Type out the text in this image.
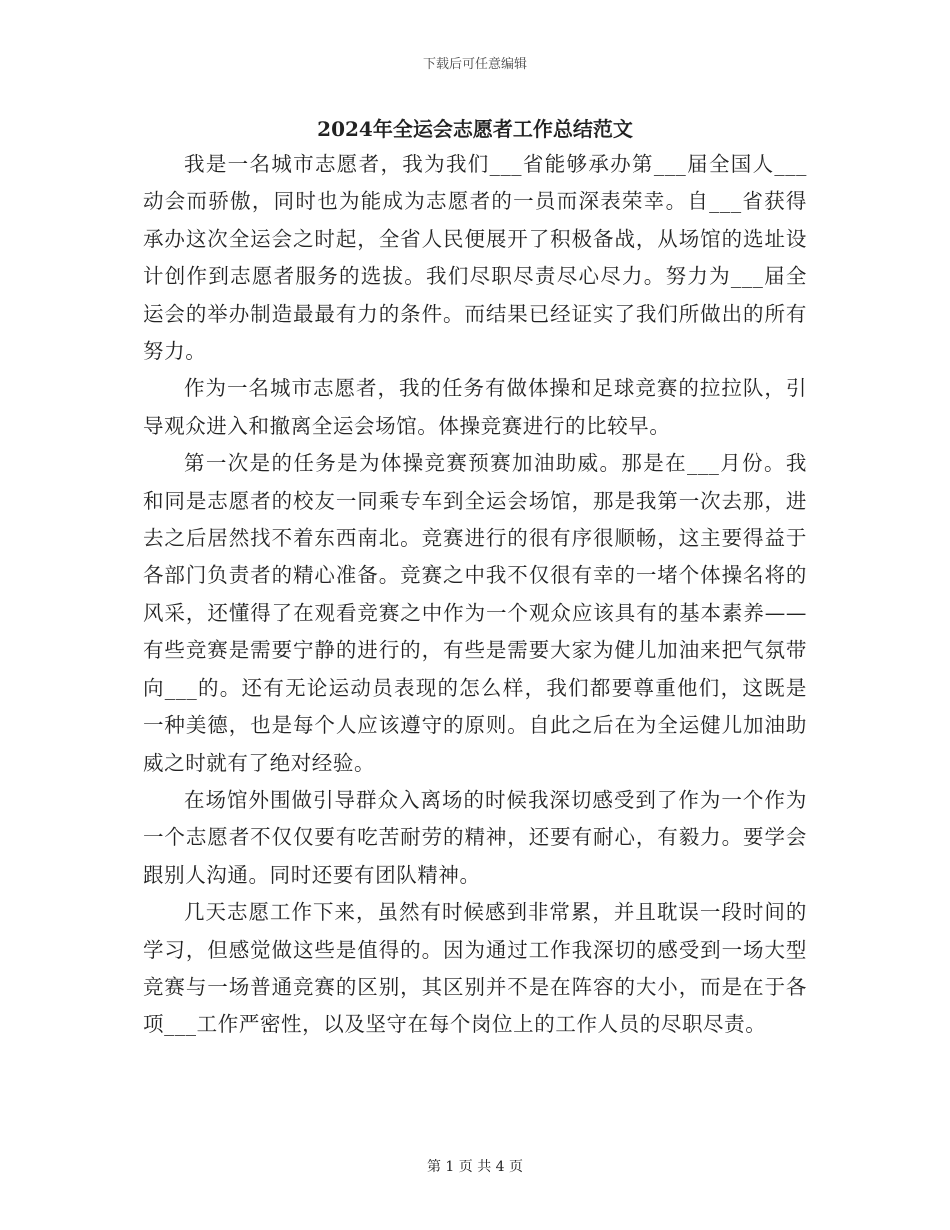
下载后可任意编辑
2024年全运会志愿者工作总结范文

我是一名城市志愿者，我为我们___省能够承办第___届全国人___动会而骄傲，同时也为能成为志愿者的一员而深表荣幸。自___省获得承办这次全运会之时起，全省人民便展开了积极备战，从场馆的选址设计创作到志愿者服务的选拔。我们尽职尽责尽心尽力。努力为___届全运会的举办制造最最有力的条件。而结果已经证实了我们所做出的所有努力。

作为一名城市志愿者，我的任务有做体操和足球竞赛的拉拉队，引导观众进入和撤离全运会场馆。体操竞赛进行的比较早。

第一次是的任务是为体操竞赛预赛加油助威。那是在___月份。我和同是志愿者的校友一同乘专车到全运会场馆，那是我第一次去那，进去之后居然找不着东西南北。竞赛进行的很有序很顺畅，这主要得益于各部门负责者的精心准备。竞赛之中我不仅很有幸的一堵个体操名将的风采，还懂得了在观看竞赛之中作为一个观众应该具有的基本素养——有些竞赛是需要宁静的进行的，有些是需要大家为健儿加油来把气氛带向___的。还有无论运动员表现的怎么样，我们都要尊重他们，这既是一种美德，也是每个人应该遵守的原则。自此之后在为全运健儿加油助威之时就有了绝对经验。

在场馆外围做引导群众入离场的时候我深切感受到了作为一个作为一个志愿者不仅仅要有吃苦耐劳的精神，还要有耐心，有毅力。要学会跟别人沟通。同时还要有团队精神。

几天志愿工作下来，虽然有时候感到非常累，并且耽误一段时间的学习，但感觉做这些是值得的。因为通过工作我深切的感受到一场大型竞赛与一场普通竞赛的区别，其区别并不是在阵容的大小，而是在于各项___工作严密性，以及坚守在每个岗位上的工作人员的尽职尽责。

第 1 页 共 4 页
